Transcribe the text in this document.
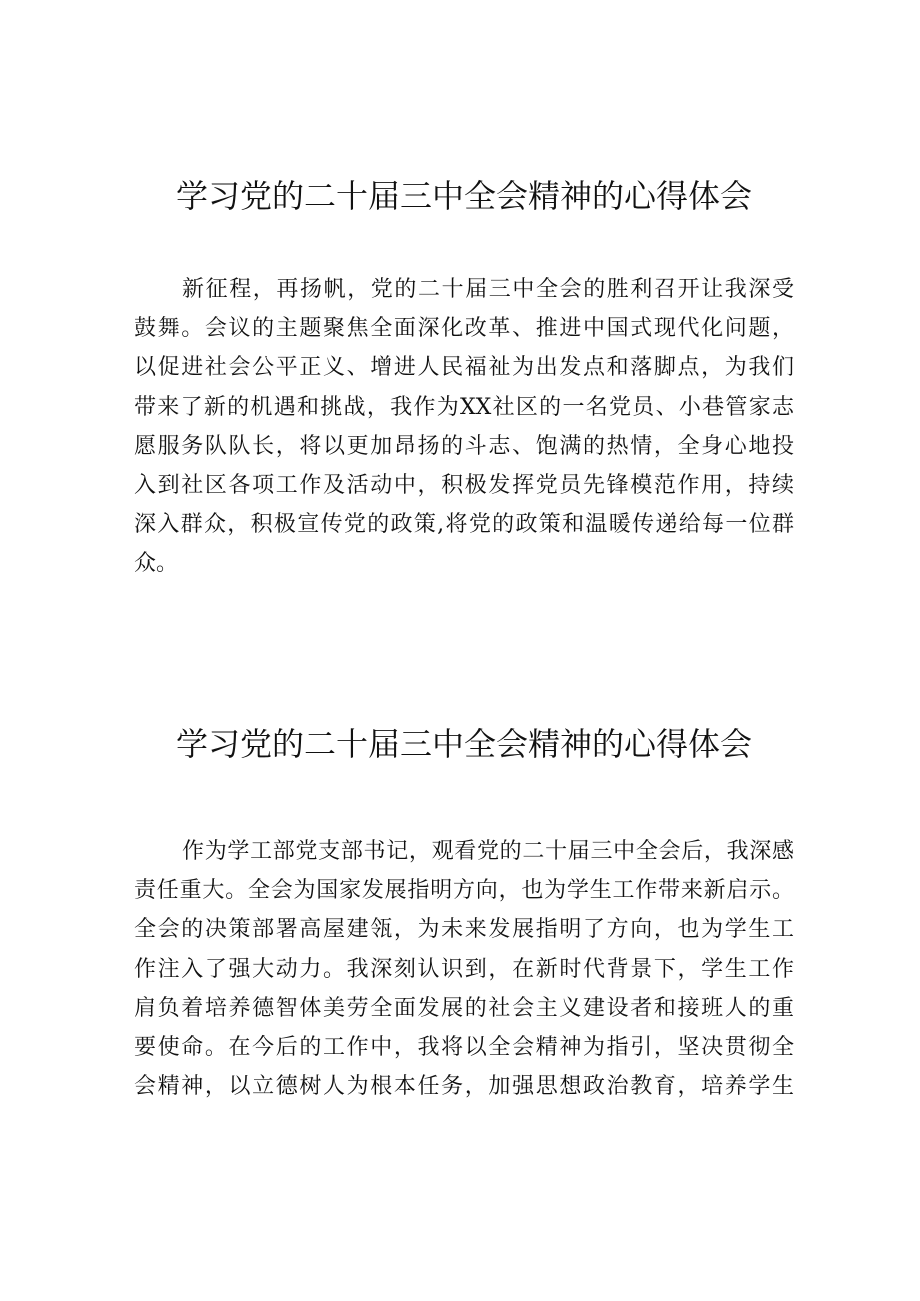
学习党的二十届三中全会精神的心得体会
新征程，再扬帆，党的二十届三中全会的胜利召开让我深受
鼓舞。会议的主题聚焦全面深化改革、推进中国式现代化问题，
以促进社会公平正义、增进人民福祉为出发点和落脚点，为我们
带来了新的机遇和挑战，我作为XX社区的一名党员、小巷管家志
愿服务队队长，将以更加昂扬的斗志、饱满的热情，全身心地投
入到社区各项工作及活动中，积极发挥党员先锋模范作用，持续
深入群众，积极宣传党的政策,将党的政策和温暖传递给每一位群
众。
学习党的二十届三中全会精神的心得体会
作为学工部党支部书记，观看党的二十届三中全会后，我深感
责任重大。全会为国家发展指明方向，也为学生工作带来新启示。
全会的决策部署高屋建瓴，为未来发展指明了方向，也为学生工
作注入了强大动力。我深刻认识到，在新时代背景下，学生工作
肩负着培养德智体美劳全面发展的社会主义建设者和接班人的重
要使命。在今后的工作中，我将以全会精神为指引，坚决贯彻全
会精神，以立德树人为根本任务，加强思想政治教育，培养学生
